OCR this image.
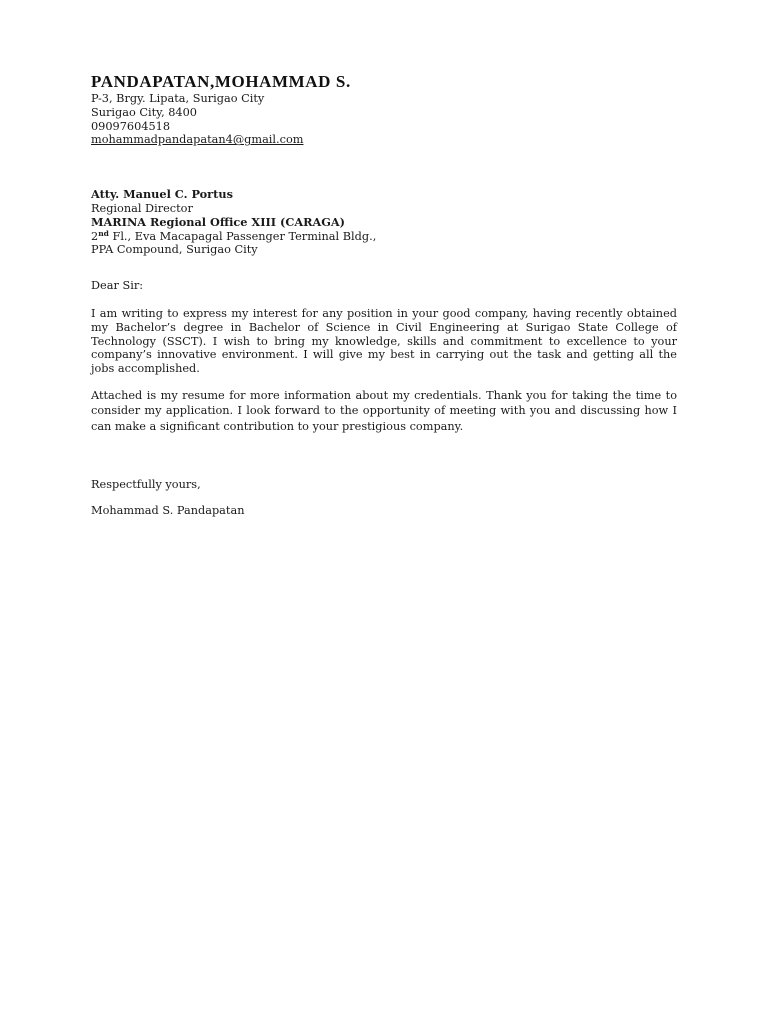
PANDAPATAN,MOHAMMAD S.
P-3, Brgy. Lipata, Surigao City
Surigao City, 8400
09097604518
mohammadpandapatan4@gmail.com
Atty. Manuel C. Portus
Regional Director
MARINA Regional Office XIII (CARAGA)
2nd Fl., Eva Macapagal Passenger Terminal Bldg.,
PPA Compound, Surigao City
Dear Sir:
I am writing to express my interest for any position in your good company, having recently obtained my Bachelor’s degree in Bachelor of Science in Civil Engineering at Surigao State College of Technology (SSCT). I wish to bring my knowledge, skills and commitment to excellence to your company’s innovative environment. I will give my best in carrying out the task and getting all the jobs accomplished.
Attached is my resume for more information about my credentials. Thank you for taking the time to consider my application. I look forward to the opportunity of meeting with you and discussing how I can make a significant contribution to your prestigious company.
Respectfully yours,
Mohammad S. Pandapatan
